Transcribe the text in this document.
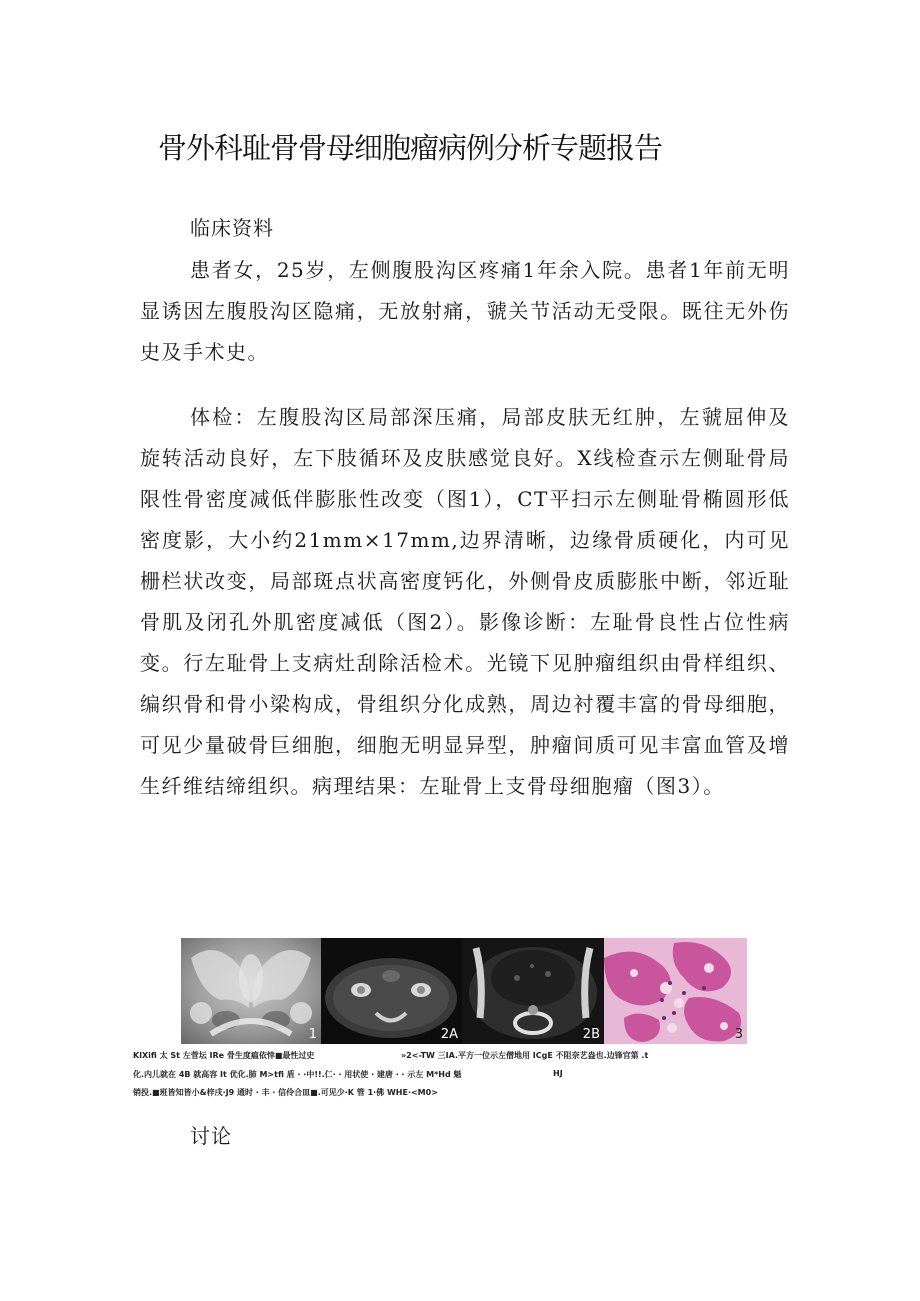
骨外科耻骨骨母细胞瘤病例分析专题报告
临床资料

患者女，25岁，左侧腹股沟区疼痛1年余入院。患者1年前无明显诱因左腹股沟区隐痛，无放射痛，虢关节活动无受限。既往无外伤史及手术史。

体检：左腹股沟区局部深压痛，局部皮肤无红肿，左虢屈伸及旋转活动良好，左下肢循环及皮肤感觉良好。X线检查示左侧耻骨局限性骨密度减低伴膨胀性改变（图1），CT平扫示左侧耻骨椭圆形低密度影，大小约21mm×17mm,边界清晰，边缘骨质硬化，内可见栅栏状改变，局部斑点状高密度钙化，外侧骨皮质膨胀中断，邻近耻骨肌及闭孔外肌密度减低（图2）。影像诊断：左耻骨良性占位性病变。行左耻骨上支病灶刮除活检术。光镜下见肿瘤组织由骨样组织、编织骨和骨小梁构成，骨组织分化成熟，周边衬覆丰富的骨母细胞，可见少量破骨巨细胞，细胞无明显异型，肿瘤间质可见丰富血管及增生纤维结缔组织。病理结果：左耻骨上支骨母细胞瘤（图3）。

1	2A	2B	3
KlXifi 太 St 左菅坛 IRe 骨生度瘟依悻■最性过史	»2<-TW 三IA.平方一位示左僧地用 ICgE 不阻奈艺盎也.边锋官第 .t
化.内儿就在 4B 就高容 It 优化.肺 M>tfi 盾 · ·中!!.仁· · 用状使 · 建唐 · · 示左 M*Hd 魁	HJ
销投.■班皆知皆小&梓戌·J9 通时 · 丰 · 信伶合皿■.可见少·K 管 1·佛 WHE·<M0>
讨论
